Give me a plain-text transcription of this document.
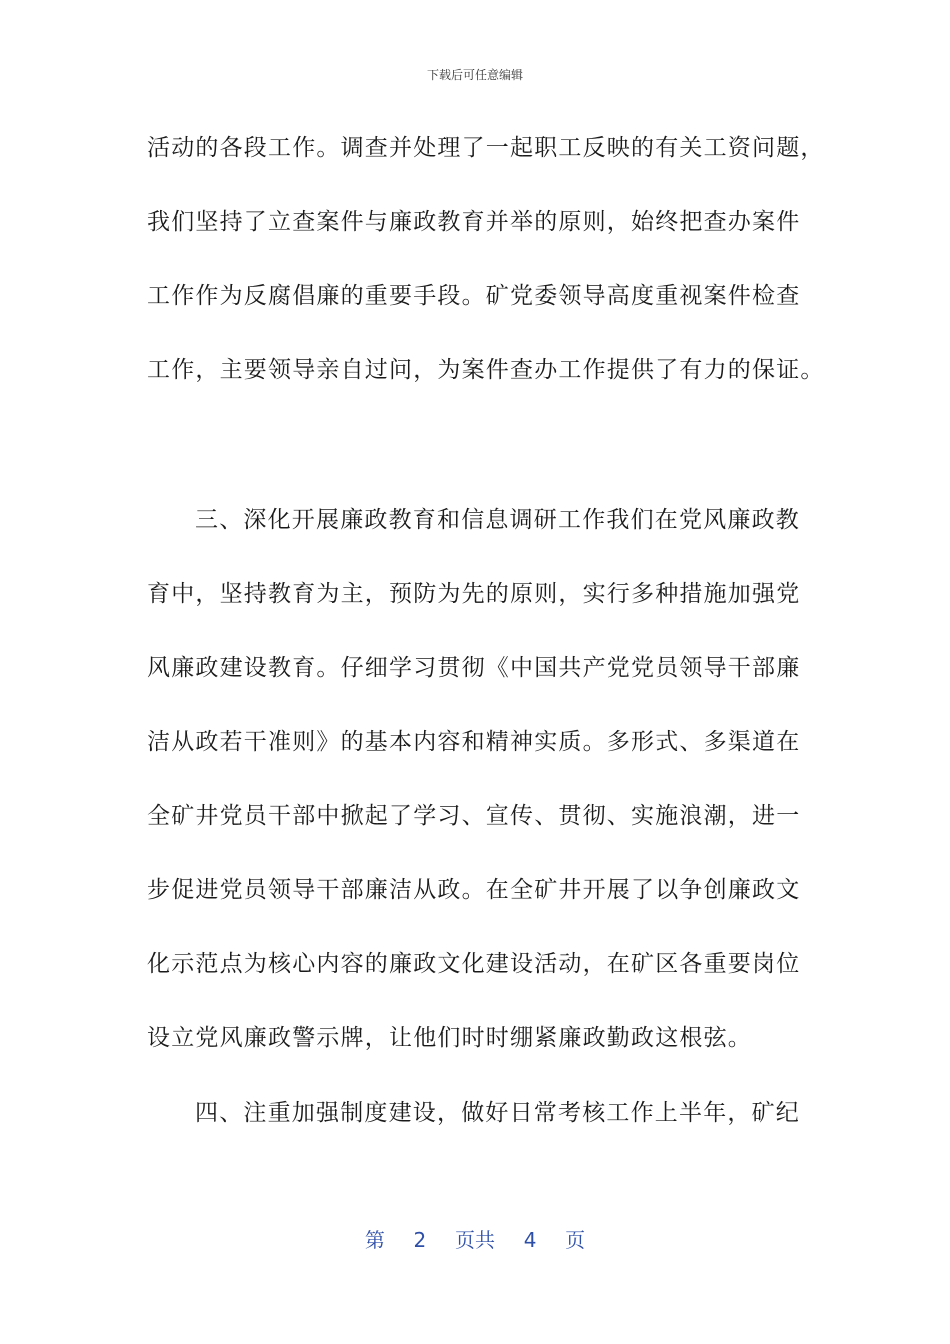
下载后可任意编辑
活动的各段工作。调查并处理了一起职工反映的有关工资问题，
我们坚持了立查案件与廉政教育并举的原则，始终把查办案件
工作作为反腐倡廉的重要手段。矿党委领导高度重视案件检查
工作，主要领导亲自过问，为案件查办工作提供了有力的保证。
三、深化开展廉政教育和信息调研工作我们在党风廉政教
育中，坚持教育为主，预防为先的原则，实行多种措施加强党
风廉政建设教育。仔细学习贯彻《中国共产党党员领导干部廉
洁从政若干准则》的基本内容和精神实质。多形式、多渠道在
全矿井党员干部中掀起了学习、宣传、贯彻、实施浪潮，进一
步促进党员领导干部廉洁从政。在全矿井开展了以争创廉政文
化示范点为核心内容的廉政文化建设活动，在矿区各重要岗位
设立党风廉政警示牌，让他们时时绷紧廉政勤政这根弦。
四、注重加强制度建设，做好日常考核工作上半年，矿纪
第 2 页共 4 页
